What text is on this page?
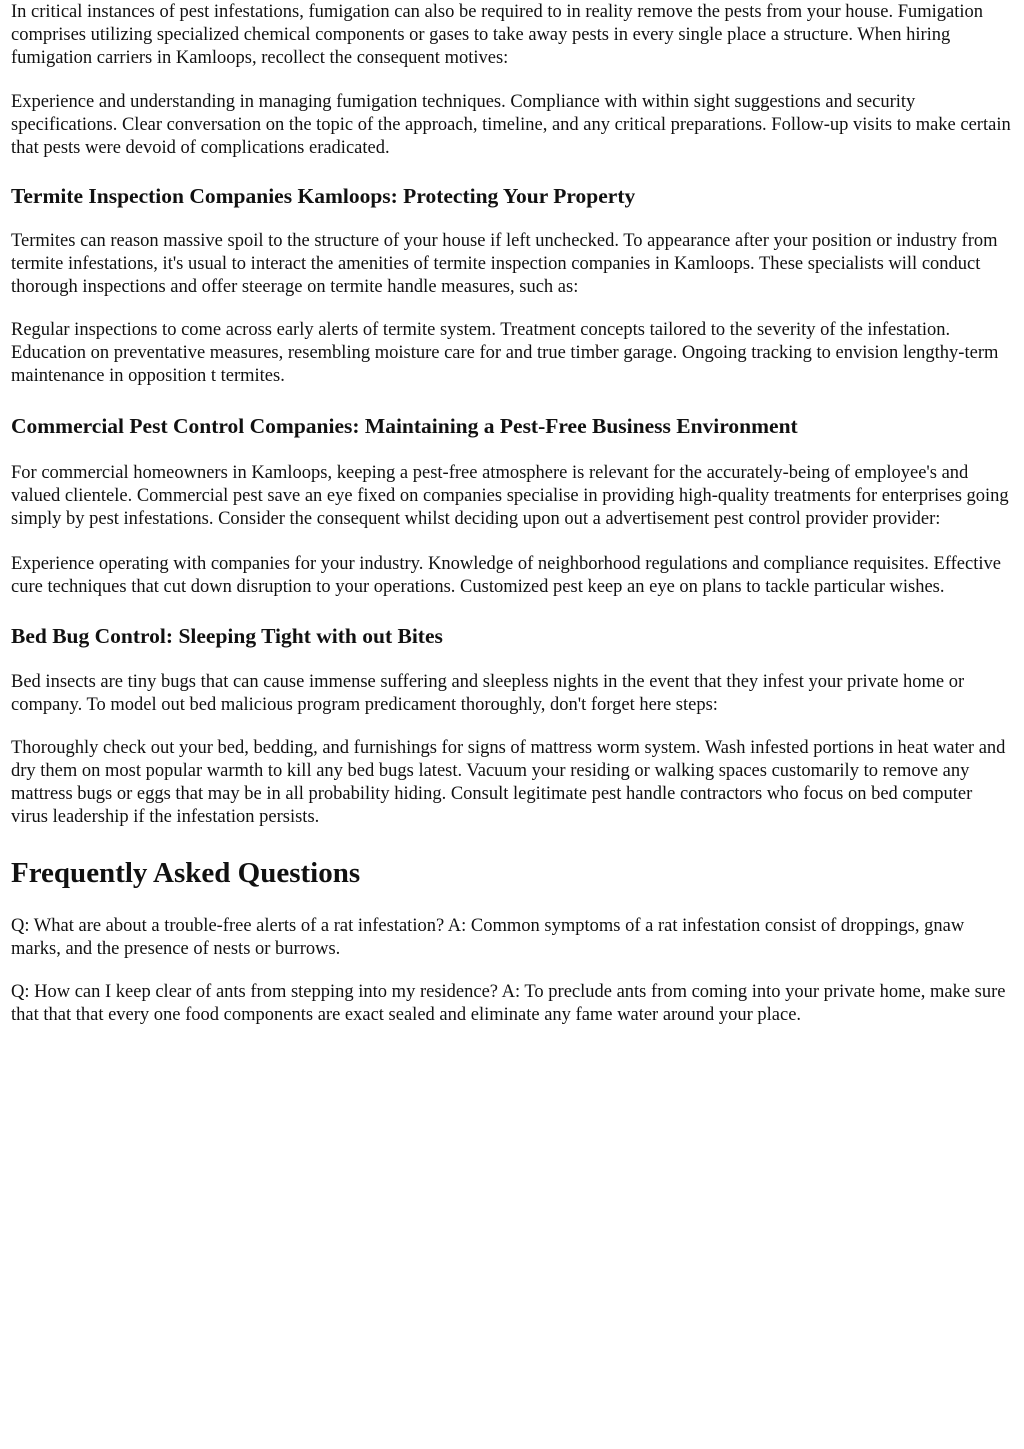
In critical instances of pest infestations, fumigation can also be required to in reality remove the pests from your house. Fumigation comprises utilizing specialized chemical components or gases to take away pests in every single place a structure. When hiring fumigation carriers in Kamloops, recollect the consequent motives:

Experience and understanding in managing fumigation techniques. Compliance with within sight suggestions and security specifications. Clear conversation on the topic of the approach, timeline, and any critical preparations. Follow-up visits to make certain that pests were devoid of complications eradicated.

Termite Inspection Companies Kamloops: Protecting Your Property

Termites can reason massive spoil to the structure of your house if left unchecked. To appearance after your position or industry from termite infestations, it's usual to interact the amenities of termite inspection companies in Kamloops. These specialists will conduct thorough inspections and offer steerage on termite handle measures, such as:

Regular inspections to come across early alerts of termite system. Treatment concepts tailored to the severity of the infestation. Education on preventative measures, resembling moisture care for and true timber garage. Ongoing tracking to envision lengthy-term maintenance in opposition t termites.

Commercial Pest Control Companies: Maintaining a Pest-Free Business Environment

For commercial homeowners in Kamloops, keeping a pest-free atmosphere is relevant for the accurately-being of employee's and valued clientele. Commercial pest save an eye fixed on companies specialise in providing high-quality treatments for enterprises going simply by pest infestations. Consider the consequent whilst deciding upon out a advertisement pest control provider provider:

Experience operating with companies for your industry. Knowledge of neighborhood regulations and compliance requisites. Effective cure techniques that cut down disruption to your operations. Customized pest keep an eye on plans to tackle particular wishes.

Bed Bug Control: Sleeping Tight with out Bites

Bed insects are tiny bugs that can cause immense suffering and sleepless nights in the event that they infest your private home or company. To model out bed malicious program predicament thoroughly, don't forget here steps:

Thoroughly check out your bed, bedding, and furnishings for signs of mattress worm system. Wash infested portions in heat water and dry them on most popular warmth to kill any bed bugs latest. Vacuum your residing or walking spaces customarily to remove any mattress bugs or eggs that may be in all probability hiding. Consult legitimate pest handle contractors who focus on bed computer virus leadership if the infestation persists.

Frequently Asked Questions

Q: What are about a trouble-free alerts of a rat infestation? A: Common symptoms of a rat infestation consist of droppings, gnaw marks, and the presence of nests or burrows.

Q: How can I keep clear of ants from stepping into my residence? A: To preclude ants from coming into your private home, make sure that that that every one food components are exact sealed and eliminate any fame water around your place.
